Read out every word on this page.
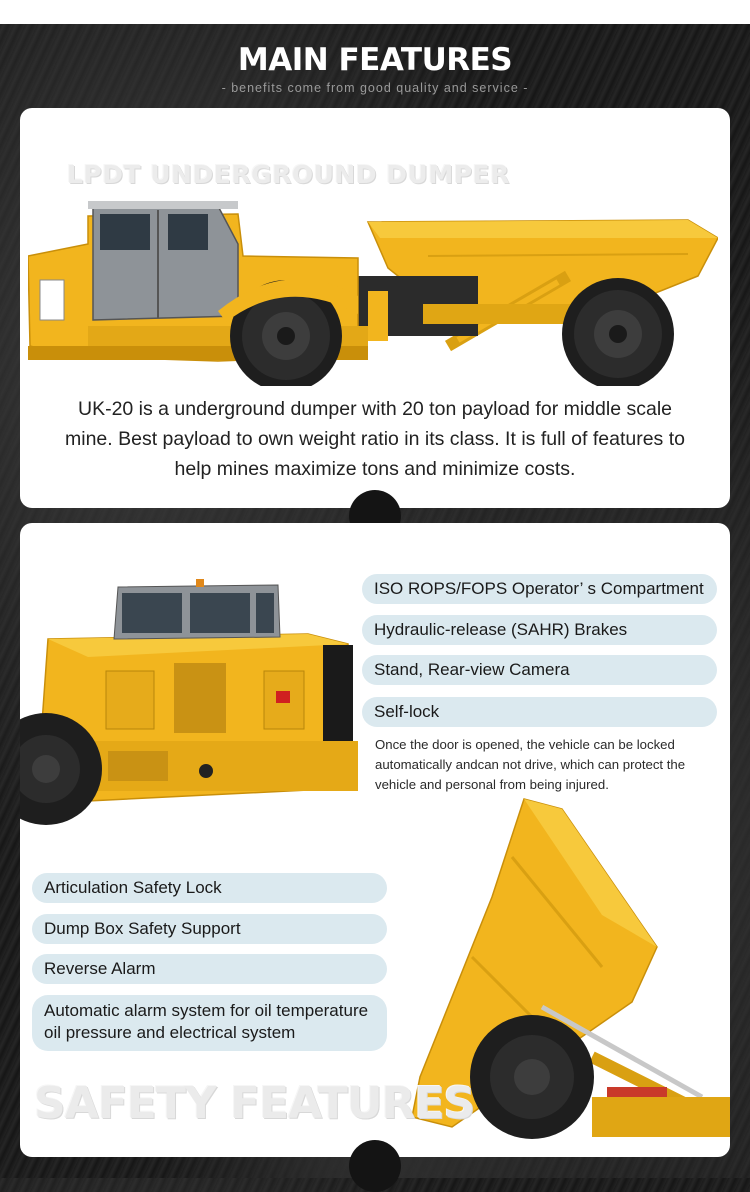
MAIN FEATURES
- benefits come from good quality and service -
LPDT UNDERGROUND DUMPER
UK-20 is a underground dumper with 20 ton payload for middle scale
mine. Best payload to own weight ratio in its class. It is full of features to
help mines maximize tons and minimize costs.
ISO ROPS/FOPS Operator’ s Compartment
Hydraulic-release (SAHR) Brakes
Stand, Rear-view Camera
Self-lock
Once the door is opened, the vehicle can be locked automatically andcan not drive, which can protect the vehicle and personal from being injured.
Articulation Safety Lock
Dump Box Safety Support
Reverse Alarm
Automatic alarm system for oil temperature oil pressure and electrical system
SAFETY FEATURES
